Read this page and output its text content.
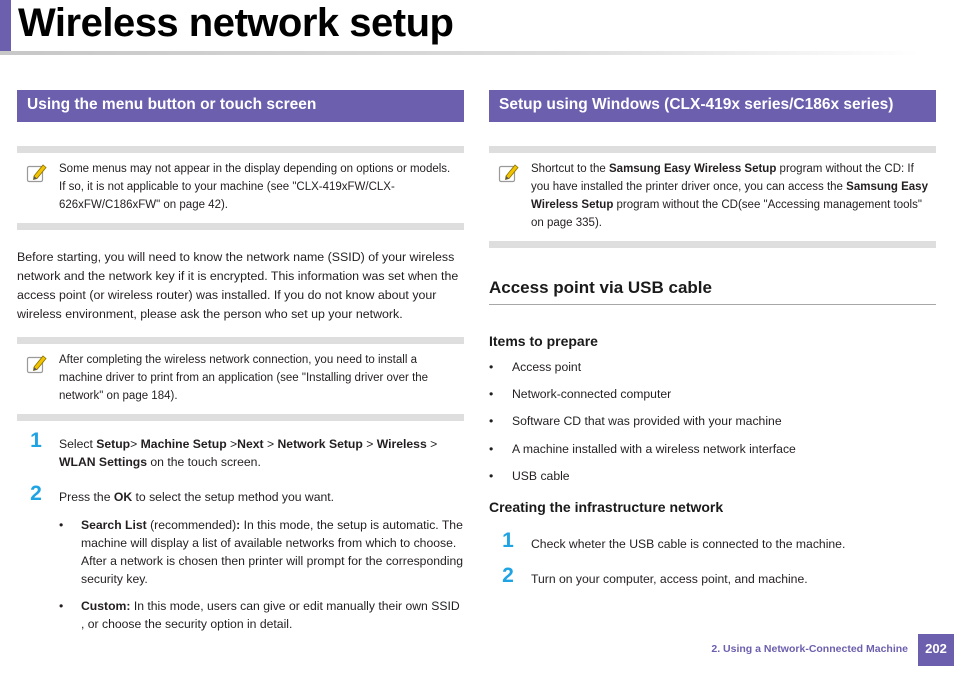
Wireless network setup
Using the menu button or touch screen
Some menus may not appear in the display depending on options or models. If so, it is not applicable to your machine (see "CLX-419xFW/CLX-626xFW/C186xFW" on page 42).

Before starting, you will need to know the network name (SSID) of your wireless network and the network key if it is encrypted. This information was set when the access point (or wireless router) was installed. If you do not know about your wireless environment, please ask the person who set up your network.

After completing the wireless network connection, you need to install a machine driver to print from an application (see "Installing driver over the network" on page 184).
1	Select Setup> Machine Setup >Next > Network Setup > Wireless > WLAN Settings on the touch screen.
2	Press the OK to select the setup method you want.
• Search List (recommended): In this mode, the setup is automatic. The machine will display a list of available networks from which to choose. After a network is chosen then printer will prompt for the corresponding security key.
• Custom: In this mode, users can give or edit manually their own SSID , or choose the security option in detail.
Setup using Windows (CLX-419x series/C186x series)
Shortcut to the Samsung Easy Wireless Setup program without the CD: If you have installed the printer driver once, you can access the Samsung Easy Wireless Setup program without the CD(see "Accessing management tools" on page 335).
Access point via USB cable
Items to prepare
• Access point
• Network-connected computer
• Software CD that was provided with your machine
• A machine installed with a wireless network interface
• USB cable
Creating the infrastructure network
1	Check wheter the USB cable is connected to the machine.
2	Turn on your computer, access point, and machine.
2. Using a Network-Connected Machine	202
